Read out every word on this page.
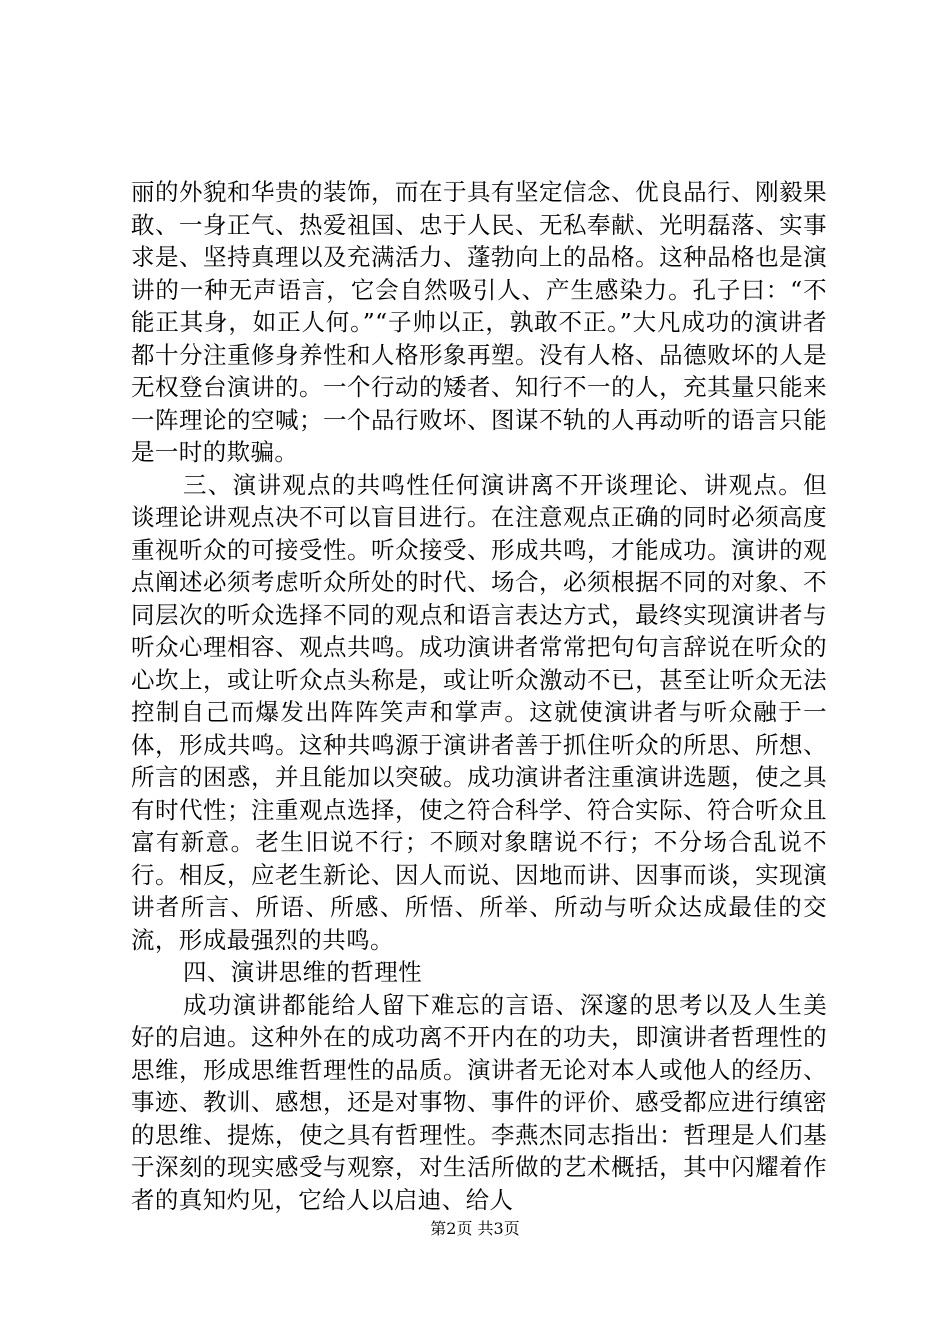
丽的外貌和华贵的装饰，而在于具有坚定信念、优良品行、刚毅果敢、一身正气、热爱祖国、忠于人民、无私奉献、光明磊落、实事求是、坚持真理以及充满活力、蓬勃向上的品格。这种品格也是演讲的一种无声语言，它会自然吸引人、产生感染力。孔子曰：“不能正其身，如正人何。”“子帅以正，孰敢不正。”大凡成功的演讲者都十分注重修身养性和人格形象再塑。没有人格、品德败坏的人是无权登台演讲的。一个行动的矮者、知行不一的人，充其量只能来一阵理论的空喊；一个品行败坏、图谋不轨的人再动听的语言只能是一时的欺骗。

三、演讲观点的共鸣性任何演讲离不开谈理论、讲观点。但谈理论讲观点决不可以盲目进行。在注意观点正确的同时必须高度重视听众的可接受性。听众接受、形成共鸣，才能成功。演讲的观点阐述必须考虑听众所处的时代、场合，必须根据不同的对象、不同层次的听众选择不同的观点和语言表达方式，最终实现演讲者与听众心理相容、观点共鸣。成功演讲者常常把句句言辞说在听众的心坎上，或让听众点头称是，或让听众激动不已，甚至让听众无法控制自己而爆发出阵阵笑声和掌声。这就使演讲者与听众融于一体，形成共鸣。这种共鸣源于演讲者善于抓住听众的所思、所想、所言的困惑，并且能加以突破。成功演讲者注重演讲选题，使之具有时代性；注重观点选择，使之符合科学、符合实际、符合听众且富有新意。老生旧说不行；不顾对象瞎说不行；不分场合乱说不行。相反，应老生新论、因人而说、因地而讲、因事而谈，实现演讲者所言、所语、所感、所悟、所举、所动与听众达成最佳的交流，形成最强烈的共鸣。

四、演讲思维的哲理性

成功演讲都能给人留下难忘的言语、深邃的思考以及人生美好的启迪。这种外在的成功离不开内在的功夫，即演讲者哲理性的思维，形成思维哲理性的品质。演讲者无论对本人或他人的经历、事迹、教训、感想，还是对事物、事件的评价、感受都应进行缜密的思维、提炼，使之具有哲理性。李燕杰同志指出：哲理是人们基于深刻的现实感受与观察，对生活所做的艺术概括，其中闪耀着作者的真知灼见，它给人以启迪、给人

第2页 共3页
